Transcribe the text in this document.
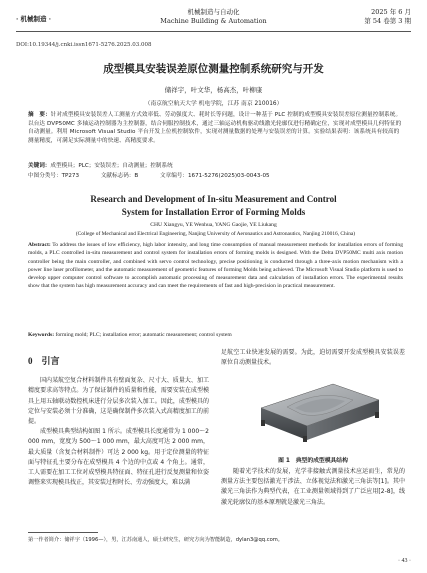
· 机械制造 ·
机械制造与自动化
Machine Building & Automation
2025 年 6 月
第 54 卷第 3 期
DOI:10.19344/j.cnki.issn1671-5276.2025.03.008
成型模具安装误差原位测量控制系统研究与开发
储祥宇，叶文华，杨高杰，叶柳康
（南京航空航天大学 机电学院，江苏 南京 210016）
摘　要：针对成型模具安装误差人工测量方式效率低、劳动强度大、耗时长等问题，设计一种基于 PLC 控制的成型模具安装误差原位测量控制系统。以台达 DVP50MC 多轴运动控制器为主控制器，结合伺服控制技术，通过三轴运动机构驱动线激光轮廓仪进行精确定位，实现对成型模具几何特征的自动测量。利用 Microsoft Visual Studio 平台开发上位机控制软件，实现对测量数据的处理与安装误差的计算。实验结果表明：该系统具有较高的测量精度，可满足实际测量中的快速、高精度要求。
关键词：成型模具；PLC；安装误差；自动测量；控制系统
中图分类号：TP273	文献标志码：B	文章编号：1671-5276(2025)03-0043-05
Research and Development of In-situ Measurement and Control
System for Installation Error of Forming Molds
CHU Xiangyu, YE Wenhua, YANG Gaojie, YE Liukang
(College of Mechanical and Electrical Engineering, Nanjing University of Aeronautics and Astronautics, Nanjing 210016, China)
Abstract: To address the issues of low efficiency, high labor intensity, and long time consumption of manual measurement methods for installation errors of forming molds, a PLC controlled in-situ measurement and control system for installation errors of forming molds is designed. With the Delta DVP50MC multi axis motion controller being the main controller, and combined with servo control technology, precise positioning is conducted through a three-axis motion mechanism with a power line laser profilometer, and the automatic measurement of geometric features of forming Molds being achieved. The Microsoft Visual Studio platform is used to develop upper computer control software to accomplish automatic processing of measurement data and calculation of installation errors. The experimental results show that the system has high measurement accuracy and can meet the requirements of fast and high-precision in practical measurement.
Keywords: forming mold; PLC; installation error; automatic measurement; control system
0　引言

国内某航空复合材料制件具有壁面复杂、尺寸大、质量大、加工精度要求高等特点。为了保证制件的质量和性能，需要安装在成型模具上用五轴联动数控机床进行分层多次装入加工。因此，成型模具的定位与安装必须十分准确，这是确保制件多次装入式高精度加工的前提。

成型模具典型结构如图 1 所示。成型模具长度通常为 1 000～2 000 mm，宽度为 500～1 000 mm，最大高度可达 2 000 mm，最大质量（含复合材料制件）可达 2 000 kg。用于定位测量的特征面与特征孔主要分布在成型模具 4 个边的中点或 4 个角上。通常，工人需要在加工工位对成型模具特征面、特征孔进行反复测量和位姿调整来实现模具找正，其安装过程时长、劳动强度大，难以满

足航空工业快速发展的需要。为此，迫切需要开发成型模具安装误差原位自动测量技术。

图 1　典型的成型模具结构

随着光学技术的发展，光学非接触式测量技术应运而生，常见的测量方法主要包括激光干涉法、立体视觉法和激光三角法等[1]。其中激光三角法作为典型代表，在工业测量领域得到了广泛应用[2-8]，线激光轮廓仪的基本原理就是激光三角法。

第一作者简介：储祥宇（1996—），男，江苏南通人，硕士研究生，研究方向为智能制造，dylan3@qq.com。
· 43 ·
